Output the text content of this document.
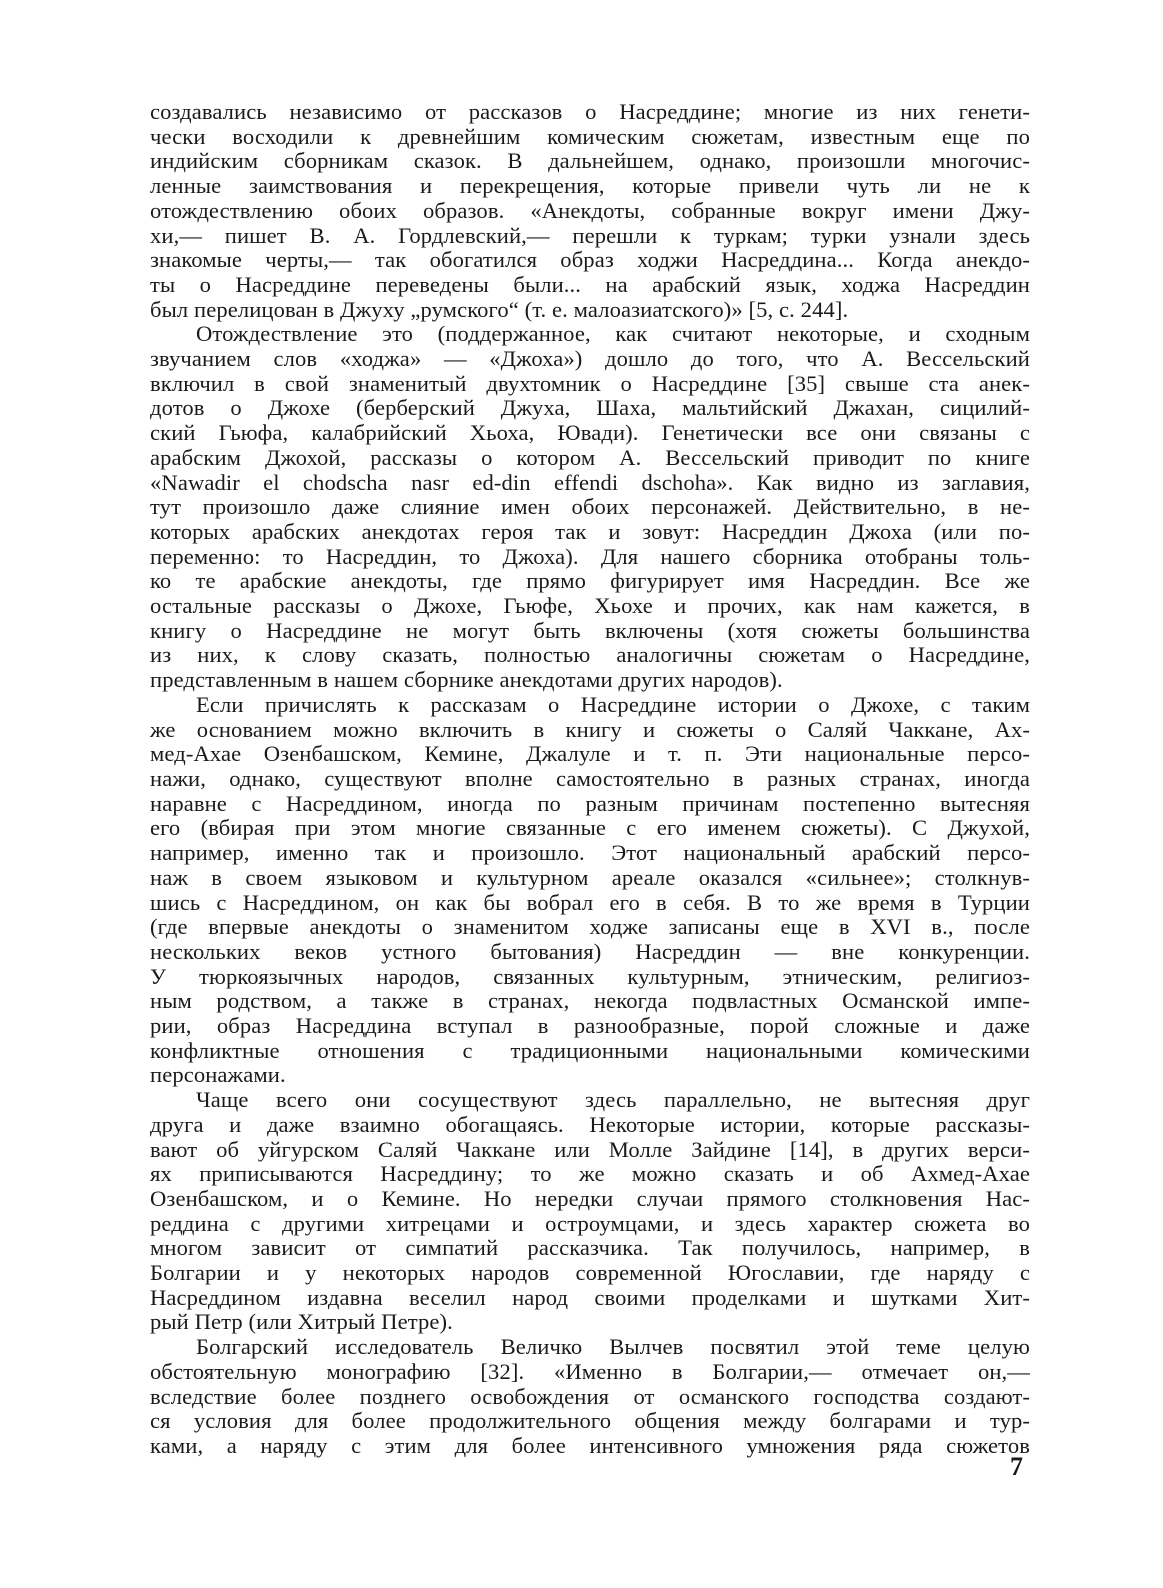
создавались независимо от рассказов о Насреддине; многие из них генети-
чески восходили к древнейшим комическим сюжетам, известным еще по
индийским сборникам сказок. В дальнейшем, однако, произошли многочис-
ленные заимствования и перекрещения, которые привели чуть ли не к
отождествлению обоих образов. «Анекдоты, собранные вокруг имени Джу-
хи,— пишет В. А. Гордлевский,— перешли к туркам; турки узнали здесь
знакомые черты,— так обогатился образ ходжи Насреддина... Когда анекдо-
ты о Насреддине переведены были... на арабский язык, ходжа Насреддин
был перелицован в Джуху „румского“ (т. е. малоазиатского)» [5, с. 244].
Отождествление это (поддержанное, как считают некоторые, и сходным
звучанием слов «ходжа» — «Джоха») дошло до того, что А. Вессельский
включил в свой знаменитый двухтомник о Насреддине [35] свыше ста анек-
дотов о Джохе (берберский Джуха, Шаха, мальтийский Джахан, сицилий-
ский Гьюфа, калабрийский Хьоха, Ювади). Генетически все они связаны с
арабским Джохой, рассказы о котором А. Вессельский приводит по книге
«Nawadir el chodscha nasr ed-din effendi dschoha». Как видно из заглавия,
тут произошло даже слияние имен обоих персонажей. Действительно, в не-
которых арабских анекдотах героя так и зовут: Насреддин Джоха (или по-
переменно: то Насреддин, то Джоха). Для нашего сборника отобраны толь-
ко те арабские анекдоты, где прямо фигурирует имя Насреддин. Все же
остальные рассказы о Джохе, Гьюфе, Хьохе и прочих, как нам кажется, в
книгу о Насреддине не могут быть включены (хотя сюжеты большинства
из них, к слову сказать, полностью аналогичны сюжетам о Насреддине,
представленным в нашем сборнике анекдотами других народов).
Если причислять к рассказам о Насреддине истории о Джохе, с таким
же основанием можно включить в книгу и сюжеты о Саляй Чаккане, Ах-
мед-Ахае Озенбашском, Кемине, Джалуле и т. п. Эти национальные персо-
нажи, однако, существуют вполне самостоятельно в разных странах, иногда
наравне с Насреддином, иногда по разным причинам постепенно вытесняя
его (вбирая при этом многие связанные с его именем сюжеты). С Джухой,
например, именно так и произошло. Этот национальный арабский персо-
наж в своем языковом и культурном ареале оказался «сильнее»; столкнув-
шись с Насреддином, он как бы вобрал его в себя. В то же время в Турции
(где впервые анекдоты о знаменитом ходже записаны еще в XVI в., после
нескольких веков устного бытования) Насреддин — вне конкуренции.
У тюркоязычных народов, связанных культурным, этническим, религиоз-
ным родством, а также в странах, некогда подвластных Османской импе-
рии, образ Насреддина вступал в разнообразные, порой сложные и даже
конфликтные отношения с традиционными национальными комическими
персонажами.
Чаще всего они сосуществуют здесь параллельно, не вытесняя друг
друга и даже взаимно обогащаясь. Некоторые истории, которые рассказы-
вают об уйгурском Саляй Чаккане или Молле Зайдине [14], в других верси-
ях приписываются Насреддину; то же можно сказать и об Ахмед-Ахае
Озенбашском, и о Кемине. Но нередки случаи прямого столкновения Нас-
реддина с другими хитрецами и остроумцами, и здесь характер сюжета во
многом зависит от симпатий рассказчика. Так получилось, например, в
Болгарии и у некоторых народов современной Югославии, где наряду с
Насреддином издавна веселил народ своими проделками и шутками Хит-
рый Петр (или Хитрый Петре).
Болгарский исследователь Величко Вылчев посвятил этой теме целую
обстоятельную монографию [32]. «Именно в Болгарии,— отмечает он,—
вследствие более позднего освобождения от османского господства создают-
ся условия для более продолжительного общения между болгарами и тур-
ками, а наряду с этим для более интенсивного умножения ряда сюжетов
7
